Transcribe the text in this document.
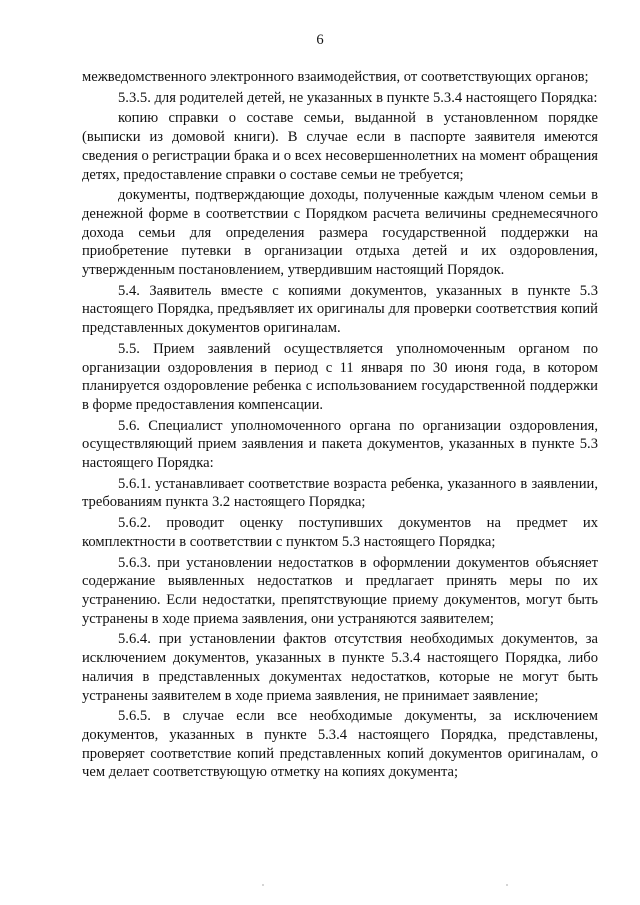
6

межведомственного электронного взаимодействия, от соответствующих органов;

5.3.5. для родителей детей, не указанных в пункте 5.3.4 настоящего Порядка:

копию справки о составе семьи, выданной в установленном порядке (выписки из домовой книги). В случае если в паспорте заявителя имеются сведения о регистрации брака и о всех несовершеннолетних на момент обращения детях, предоставление справки о составе семьи не требуется;

документы, подтверждающие доходы, полученные каждым членом семьи в денежной форме в соответствии с Порядком расчета величины среднемесячного дохода семьи для определения размера государственной поддержки на приобретение путевки в организации отдыха детей и их оздоровления, утвержденным постановлением, утвердившим настоящий Порядок.

5.4. Заявитель вместе с копиями документов, указанных в пункте 5.3 настоящего Порядка, предъявляет их оригиналы для проверки соответствия копий представленных документов оригиналам.

5.5. Прием заявлений осуществляется уполномоченным органом по организации оздоровления в период с 11 января по 30 июня года, в котором планируется оздоровление ребенка с использованием государственной поддержки в форме предоставления компенсации.

5.6. Специалист уполномоченного органа по организации оздоровления, осуществляющий прием заявления и пакета документов, указанных в пункте 5.3 настоящего Порядка:

5.6.1. устанавливает соответствие возраста ребенка, указанного в заявлении, требованиям пункта 3.2 настоящего Порядка;

5.6.2. проводит оценку поступивших документов на предмет их комплектности в соответствии с пунктом 5.3 настоящего Порядка;

5.6.3. при установлении недостатков в оформлении документов объясняет содержание выявленных недостатков и предлагает принять меры по их устранению. Если недостатки, препятствующие приему документов, могут быть устранены в ходе приема заявления, они устраняются заявителем;

5.6.4. при установлении фактов отсутствия необходимых документов, за исключением документов, указанных в пункте 5.3.4 настоящего Порядка, либо наличия в представленных документах недостатков, которые не могут быть устранены заявителем в ходе приема заявления, не принимает заявление;

5.6.5. в случае если все необходимые документы, за исключением документов, указанных в пункте 5.3.4 настоящего Порядка, представлены, проверяет соответствие копий представленных копий документов оригиналам, о чем делает соответствующую отметку на копиях документа;
